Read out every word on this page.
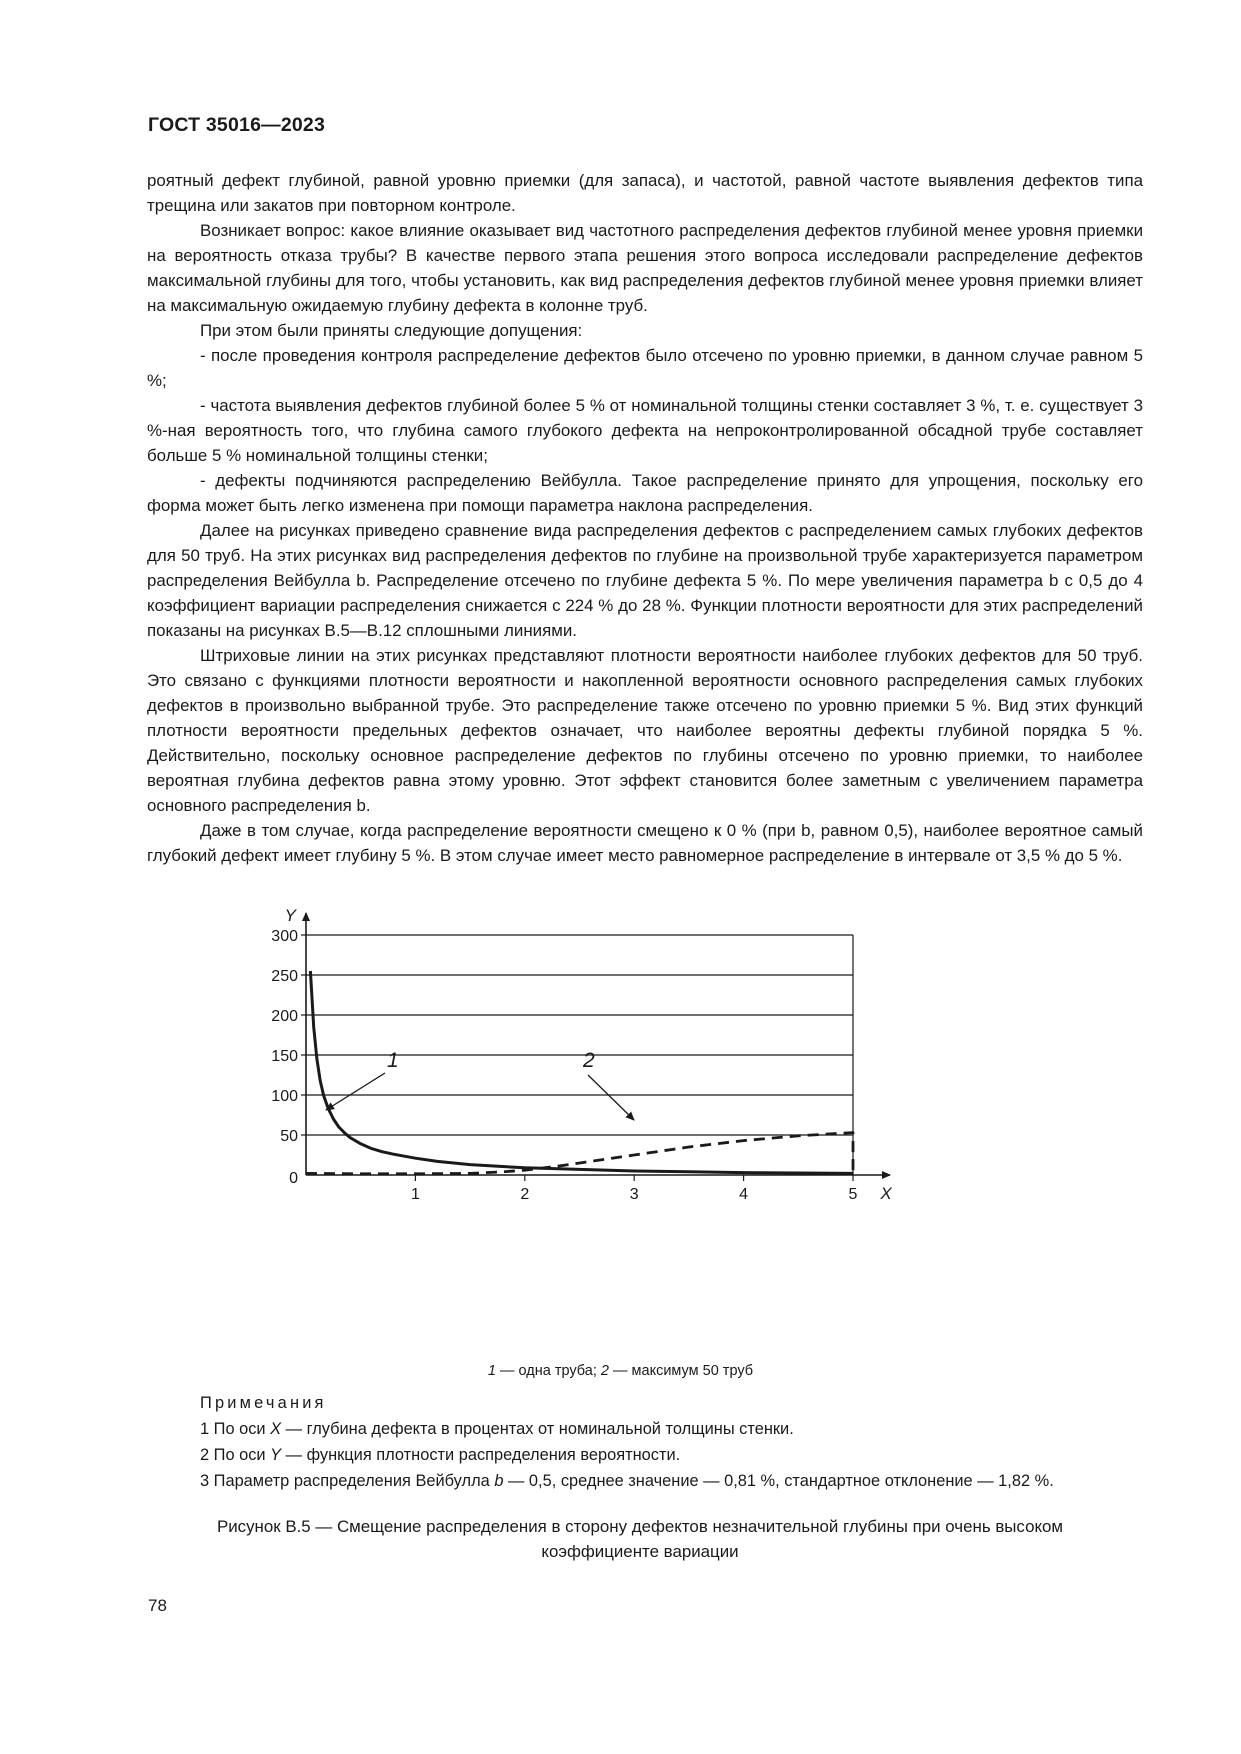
ГОСТ 35016—2023

роятный дефект глубиной, равной уровню приемки (для запаса), и частотой, равной частоте выявления дефектов типа трещина или закатов при повторном контроле.

Возникает вопрос: какое влияние оказывает вид частотного распределения дефектов глубиной менее уровня приемки на вероятность отказа трубы? В качестве первого этапа решения этого вопроса исследовали распределение дефектов максимальной глубины для того, чтобы установить, как вид распределения дефектов глубиной менее уровня приемки влияет на максимальную ожидаемую глубину дефекта в колонне труб.

При этом были приняты следующие допущения:

- после проведения контроля распределение дефектов было отсечено по уровню приемки, в данном случае равном 5 %;

- частота выявления дефектов глубиной более 5 % от номинальной толщины стенки составляет 3 %, т. е. существует 3 %-ная вероятность того, что глубина самого глубокого дефекта на непроконтролированной обсадной трубе составляет больше 5 % номинальной толщины стенки;

- дефекты подчиняются распределению Вейбулла. Такое распределение принято для упрощения, поскольку его форма может быть легко изменена при помощи параметра наклона распределения.

Далее на рисунках приведено сравнение вида распределения дефектов с распределением самых глубоких дефектов для 50 труб. На этих рисунках вид распределения дефектов по глубине на произвольной трубе характеризуется параметром распределения Вейбулла b. Распределение отсечено по глубине дефекта 5 %. По мере увеличения параметра b с 0,5 до 4 коэффициент вариации распределения снижается с 224 % до 28 %. Функции плотности вероятности для этих распределений показаны на рисунках В.5—В.12 сплошными линиями.

Штриховые линии на этих рисунках представляют плотности вероятности наиболее глубоких дефектов для 50 труб. Это связано с функциями плотности вероятности и накопленной вероятности основного распределения самых глубоких дефектов в произвольно выбранной трубе. Это распределение также отсечено по уровню приемки 5 %. Вид этих функций плотности вероятности предельных дефектов означает, что наиболее вероятны дефекты глубиной порядка 5 %. Действительно, поскольку основное распределение дефектов по глубины отсечено по уровню приемки, то наиболее вероятная глубина дефектов равна этому уровню. Этот эффект становится более заметным с увеличением параметра основного распределения b.

Даже в том случае, когда распределение вероятности смещено к 0 % (при b, равном 0,5), наиболее вероятное самый глубокий дефект имеет глубину 5 %. В этом случае имеет место равномерное распределение в интервале от 3,5 % до 5 %.

Y
X
0
50
100
150
200
250
300
1	2	3	4	5
1	2
1 — одна труба; 2 — максимум 50 труб
Примечания
1 По оси X — глубина дефекта в процентах от номинальной толщины стенки.
2 По оси Y — функция плотности распределения вероятности.
3 Параметр распределения Вейбулла b — 0,5, среднее значение — 0,81 %, стандартное отклонение — 1,82 %.
Рисунок В.5 — Смещение распределения в сторону дефектов незначительной глубины при очень высоком
коэффициенте вариации
78
